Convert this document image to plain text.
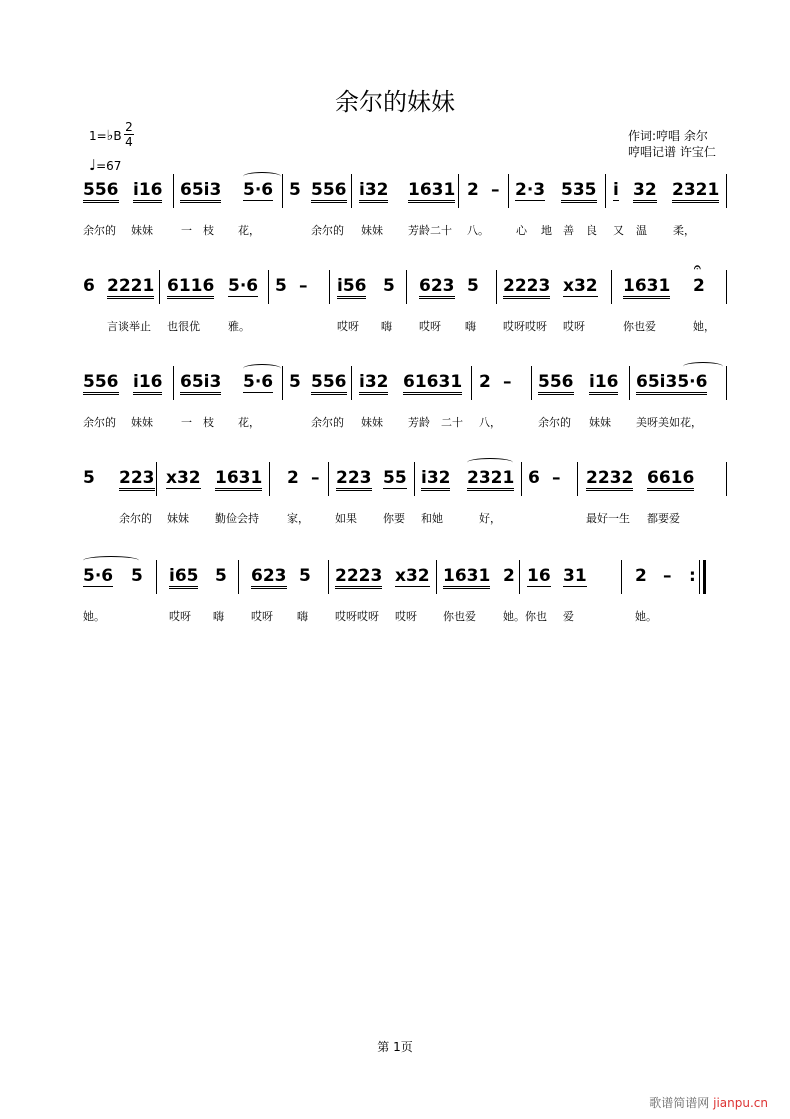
余尔的妹妹
1=♭B
2
4
♩=67
作词:哼唱 余尔
哼唱记谱 许宝仁
556 i16 65i3 5·6 5 556 i32 1631 2 – 2·3 535 i 32 2321
余尔的 妹妹	一 枝 花，	余尔的 妹妹 芳龄二十 八。 心 地 善 良 又 温 柔，
6 2221 6116 5·6 5 – i56 5 623 5 2223 x32 1631 2
𝄐
言谈举止 也很优	雅。	哎呀 嗨 哎呀 嗨 哎呀哎呀 哎呀	你也爱	她，
556 i16 65i3 5·6 5 556 i32 61631 2 – 556 i16 65i35·6
余尔的 妹妹	一 枝 花，	余尔的 妹妹 芳龄 二十 八，	余尔的 妹妹 美呀美如花，
5 223 x32 1631 2 – 223 55 i32 2321 6 – 2232 6616
余尔的 妹妹 勤俭会持	家， 如果 你要 和她	好，	最好一生 都要爱
5·6 5 i65 5 623 5 2223 x32 1631 2 16 31	2 – :
她。	哎呀 嗨 哎呀 嗨 哎呀哎呀 哎呀 你也爱 她。你也 爱	她。
第 1页
歌谱简谱网 jianpu.cn
